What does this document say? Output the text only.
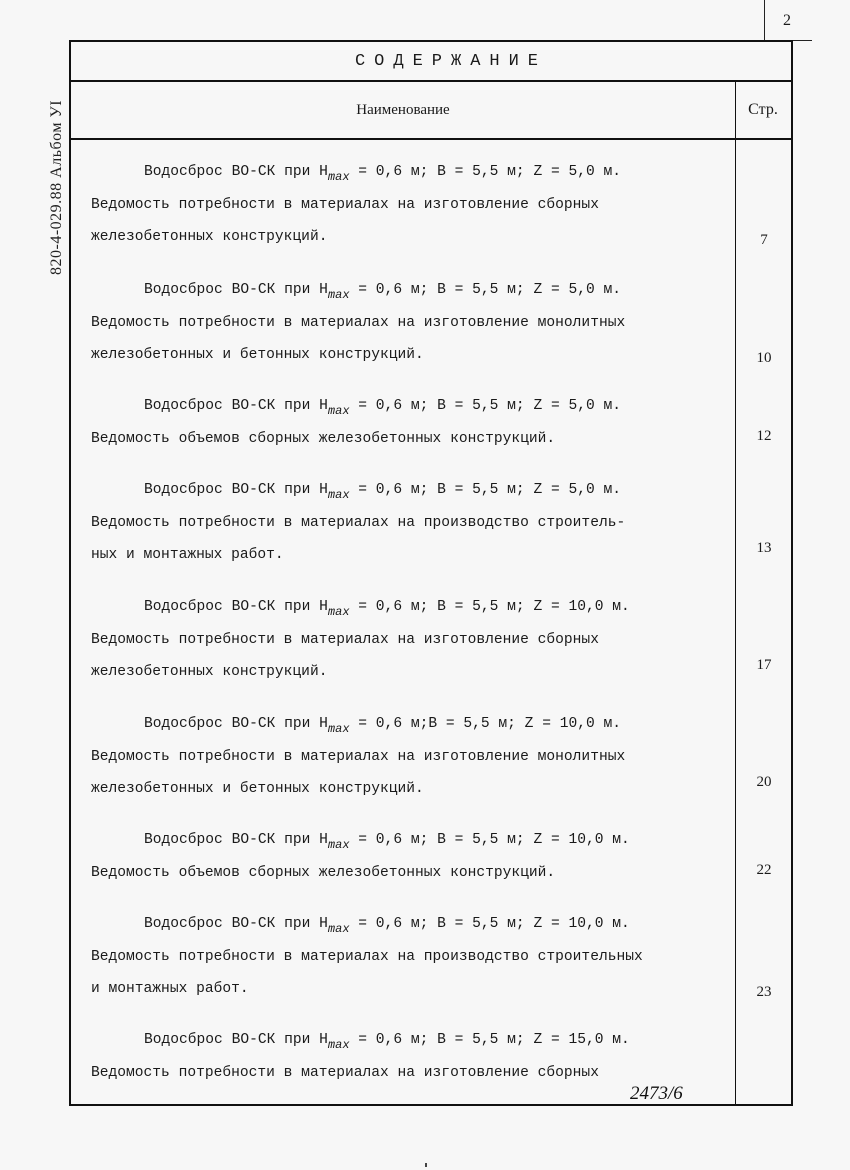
2
820-4-029.88 Альбом УI
СОДЕРЖАНИЕ
Наименование	Стр.
Водосброс ВО-СК при $H_{max} = 0,6$ м; В = 5,5 м; Z = 5,0 м.
Ведомость потребности в материалах на изготовление сборных
железобетонных конструкций.	7
Водосброс ВО-СК при $H_{max} = 0,6$ м; В = 5,5 м; Z = 5,0 м.
Ведомость потребности в материалах на изготовление монолитных
железобетонных и бетонных конструкций.	10
Водосброс ВО-СК при $H_{max} = 0,6$ м; В = 5,5 м; Z = 5,0 м.
Ведомость объемов сборных железобетонных конструкций.	12
Водосброс ВО-СК при $H_{max} = 0,6$ м; В = 5,5 м; Z = 5,0 м.
Ведомость потребности в материалах на производство строитель-
ных и монтажных работ.	13
Водосброс ВО-СК при $H_{max} = 0,6$ м; В = 5,5 м; Z = 10,0 м.
Ведомость потребности в материалах на изготовление сборных
железобетонных конструкций.	17
Водосброс ВО-СК при $H_{max} = 0,6$ м;В = 5,5 м; Z = 10,0 м.
Ведомость потребности в материалах на изготовление монолитных
железобетонных и бетонных конструкций.	20
Водосброс ВО-СК при $H_{max} = 0,6$ м; В = 5,5 м; Z = 10,0 м.
Ведомость объемов сборных железобетонных конструкций.	22
Водосброс ВО-СК при $H_{max} = 0,6$ м; В = 5,5 м; Z = 10,0 м.
Ведомость потребности в материалах на производство строительных
и монтажных работ.	23
Водосброс ВО-СК при $H_{max} = 0,6$ м; В = 5,5 м; Z = 15,0 м.
Ведомость потребности в материалах на изготовление сборных
2473/6
